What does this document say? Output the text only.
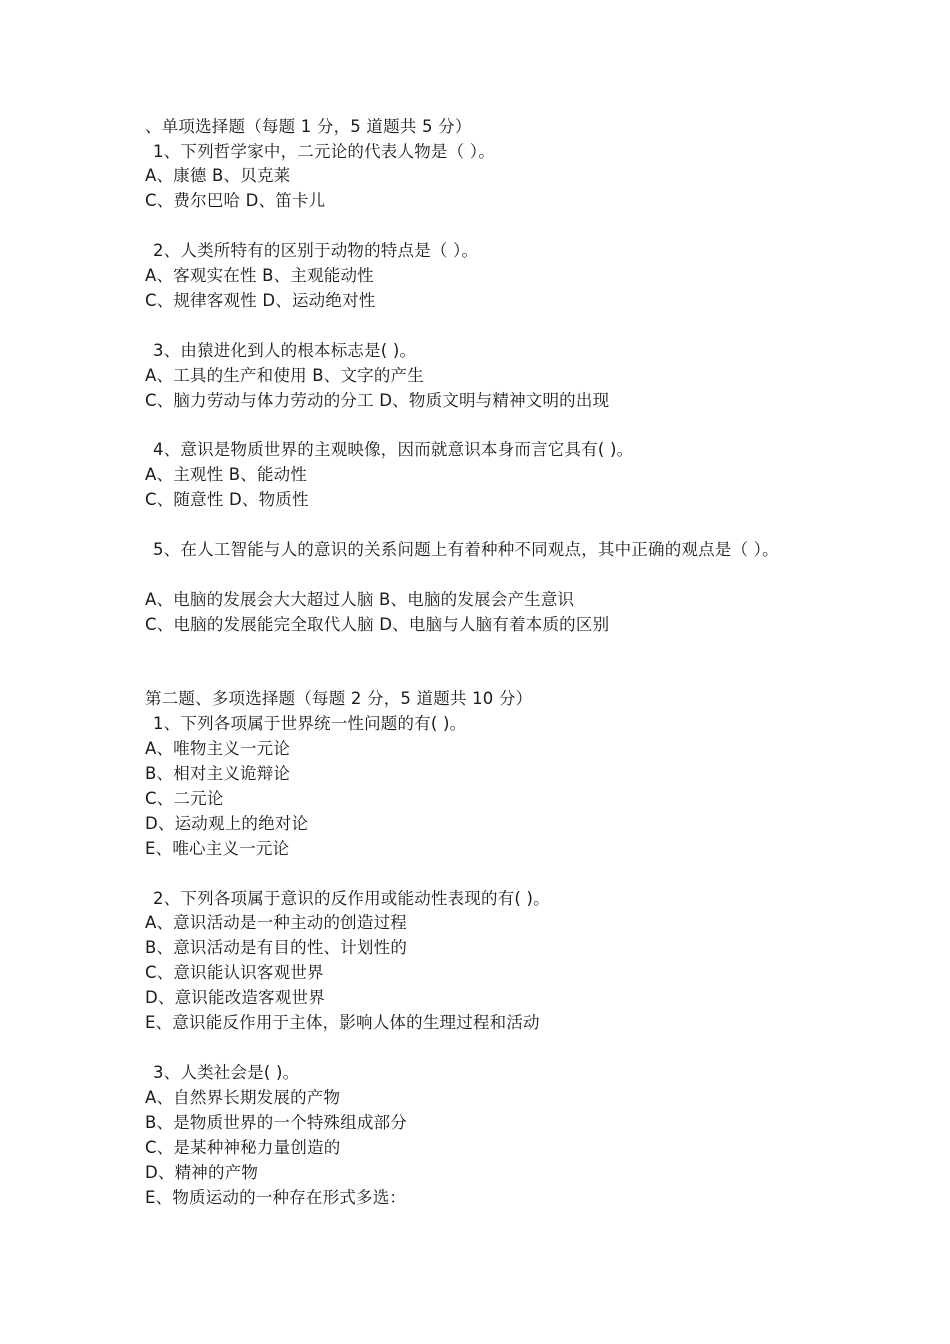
、单项选择题（每题 1 分，5 道题共 5 分）
1、下列哲学家中，二元论的代表人物是（ ）。
A、康德 B、贝克莱
C、费尔巴哈 D、笛卡儿
2、人类所特有的区别于动物的特点是（ ）。
A、客观实在性 B、主观能动性
C、规律客观性 D、运动绝对性
3、由猿进化到人的根本标志是( )。
A、工具的生产和使用 B、文字的产生
C、脑力劳动与体力劳动的分工 D、物质文明与精神文明的出现
4、意识是物质世界的主观映像，因而就意识本身而言它具有( )。
A、主观性 B、能动性
C、随意性 D、物质性
5、在人工智能与人的意识的关系问题上有着种种不同观点，其中正确的观点是（ ）。
A、电脑的发展会大大超过人脑 B、电脑的发展会产生意识
C、电脑的发展能完全取代人脑 D、电脑与人脑有着本质的区别
第二题、多项选择题（每题 2 分，5 道题共 10 分）
1、下列各项属于世界统一性问题的有( )。
A、唯物主义一元论
B、相对主义诡辩论
C、二元论
D、运动观上的绝对论
E、唯心主义一元论
2、下列各项属于意识的反作用或能动性表现的有( )。
A、意识活动是一种主动的创造过程
B、意识活动是有目的性、计划性的
C、意识能认识客观世界
D、意识能改造客观世界
E、意识能反作用于主体，影响人体的生理过程和活动
3、人类社会是( )。
A、自然界长期发展的产物
B、是物质世界的一个特殊组成部分
C、是某种神秘力量创造的
D、精神的产物
E、物质运动的一种存在形式多选：
